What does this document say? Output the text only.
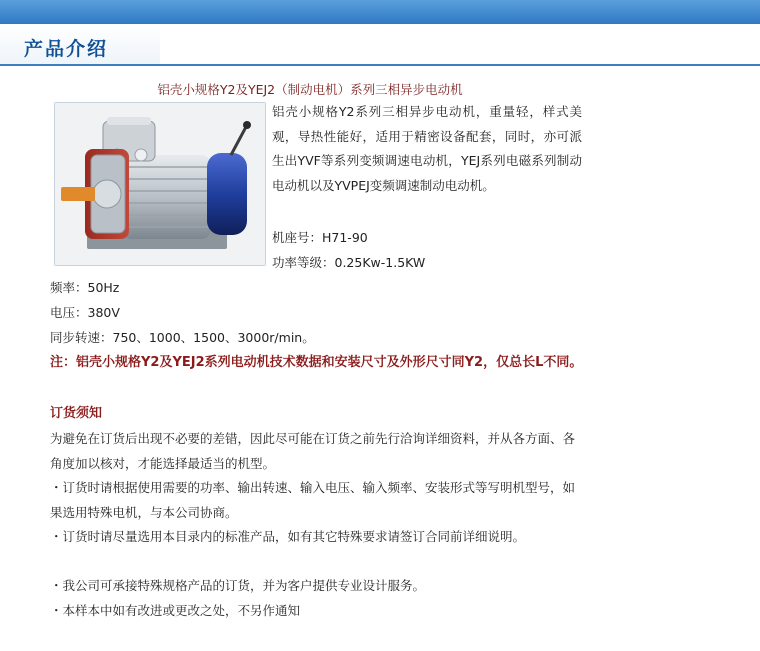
产品介绍
铝壳小规格Y2及YEJ2（制动电机）系列三相异步电动机
铝壳小规格Y2系列三相异步电动机，重量轻，样式美观，导热性能好，适用于精密设备配套，同时，亦可派生出YVF等系列变频调速电动机，YEJ系列电磁系列制动电动机以及YVPEJ变频调速制动电动机。
机座号：H71-90
功率等级：0.25Kw-1.5KW
频率：50Hz
电压：380V
同步转速：750、1000、1500、3000r/min。
注：铝壳小规格Y2及YEJ2系列电动机技术数据和安装尺寸及外形尺寸同Y2，仅总长L不同。
订货须知
为避免在订货后出现不必要的差错，因此尽可能在订货之前先行洽询详细资料，并从各方面、各角度加以核对，才能选择最适当的机型。
・订货时请根据使用需要的功率、输出转速、输入电压、输入频率、安装形式等写明机型号，如果选用特殊电机，与本公司协商。
・订货时请尽量选用本目录内的标准产品，如有其它特殊要求请签订合同前详细说明。
・我公司可承接特殊规格产品的订货，并为客户提供专业设计服务。
・本样本中如有改进或更改之处，不另作通知
